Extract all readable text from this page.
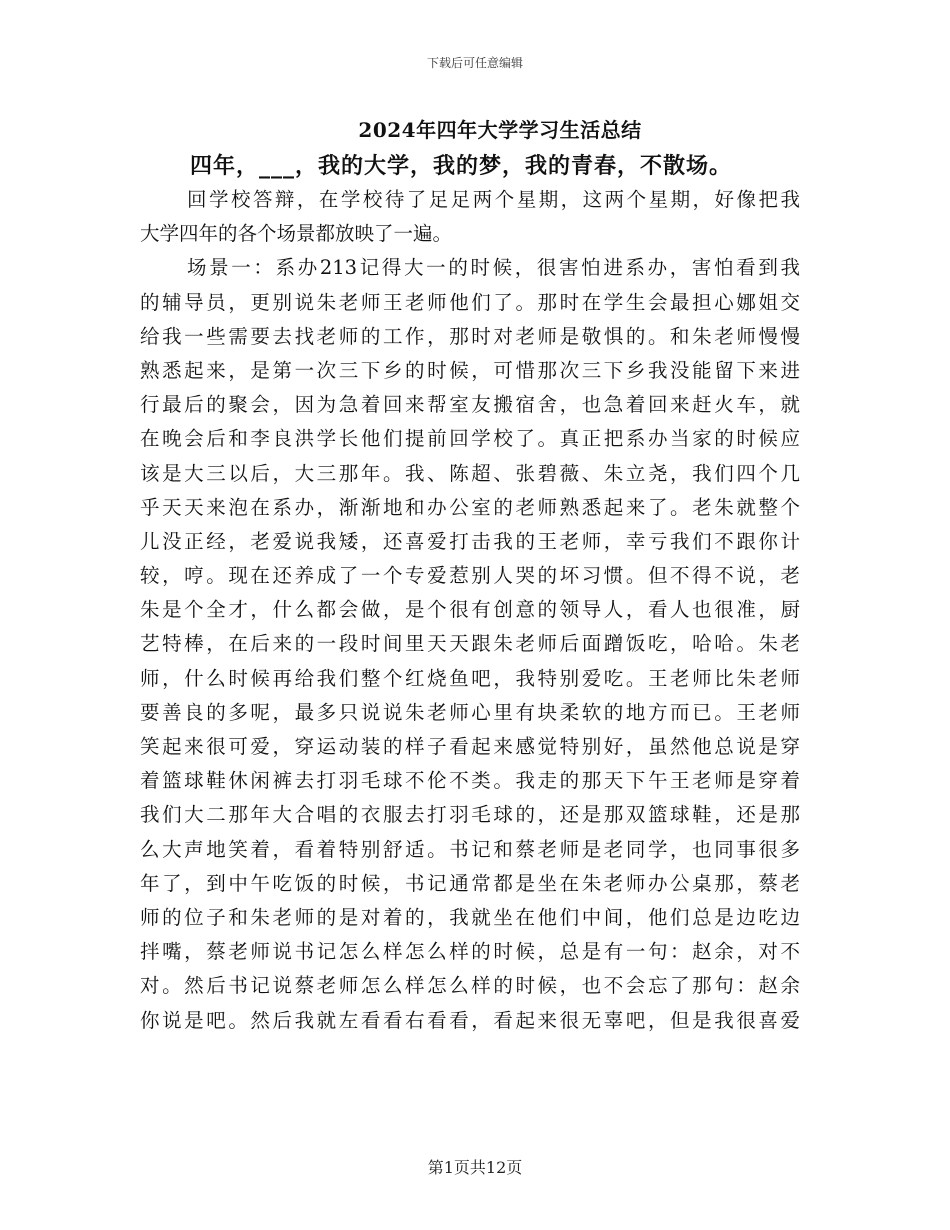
下载后可任意编辑
2024年四年大学学习生活总结
四年，___，我的大学，我的梦，我的青春，不散场。
回学校答辩，在学校待了足足两个星期，这两个星期，好像把我
大学四年的各个场景都放映了一遍。
场景一：系办213记得大一的时候，很害怕进系办，害怕看到我
的辅导员，更别说朱老师王老师他们了。那时在学生会最担心娜姐交
给我一些需要去找老师的工作，那时对老师是敬惧的。和朱老师慢慢
熟悉起来，是第一次三下乡的时候，可惜那次三下乡我没能留下来进
行最后的聚会，因为急着回来帮室友搬宿舍，也急着回来赶火车，就
在晚会后和李良洪学长他们提前回学校了。真正把系办当家的时候应
该是大三以后，大三那年。我、陈超、张碧薇、朱立尧，我们四个几
乎天天来泡在系办，渐渐地和办公室的老师熟悉起来了。老朱就整个
儿没正经，老爱说我矮，还喜爱打击我的王老师，幸亏我们不跟你计
较，哼。现在还养成了一个专爱惹别人哭的坏习惯。但不得不说，老
朱是个全才，什么都会做，是个很有创意的领导人，看人也很准，厨
艺特棒，在后来的一段时间里天天跟朱老师后面蹭饭吃，哈哈。朱老
师，什么时候再给我们整个红烧鱼吧，我特别爱吃。王老师比朱老师
要善良的多呢，最多只说说朱老师心里有块柔软的地方而已。王老师
笑起来很可爱，穿运动装的样子看起来感觉特别好，虽然他总说是穿
着篮球鞋休闲裤去打羽毛球不伦不类。我走的那天下午王老师是穿着
我们大二那年大合唱的衣服去打羽毛球的，还是那双篮球鞋，还是那
么大声地笑着，看着特别舒适。书记和蔡老师是老同学，也同事很多
年了，到中午吃饭的时候，书记通常都是坐在朱老师办公桌那，蔡老
师的位子和朱老师的是对着的，我就坐在他们中间，他们总是边吃边
拌嘴，蔡老师说书记怎么样怎么样的时候，总是有一句：赵余，对不
对。然后书记说蔡老师怎么样怎么样的时候，也不会忘了那句：赵余
你说是吧。然后我就左看看右看看，看起来很无辜吧，但是我很喜爱
第1页共12页
